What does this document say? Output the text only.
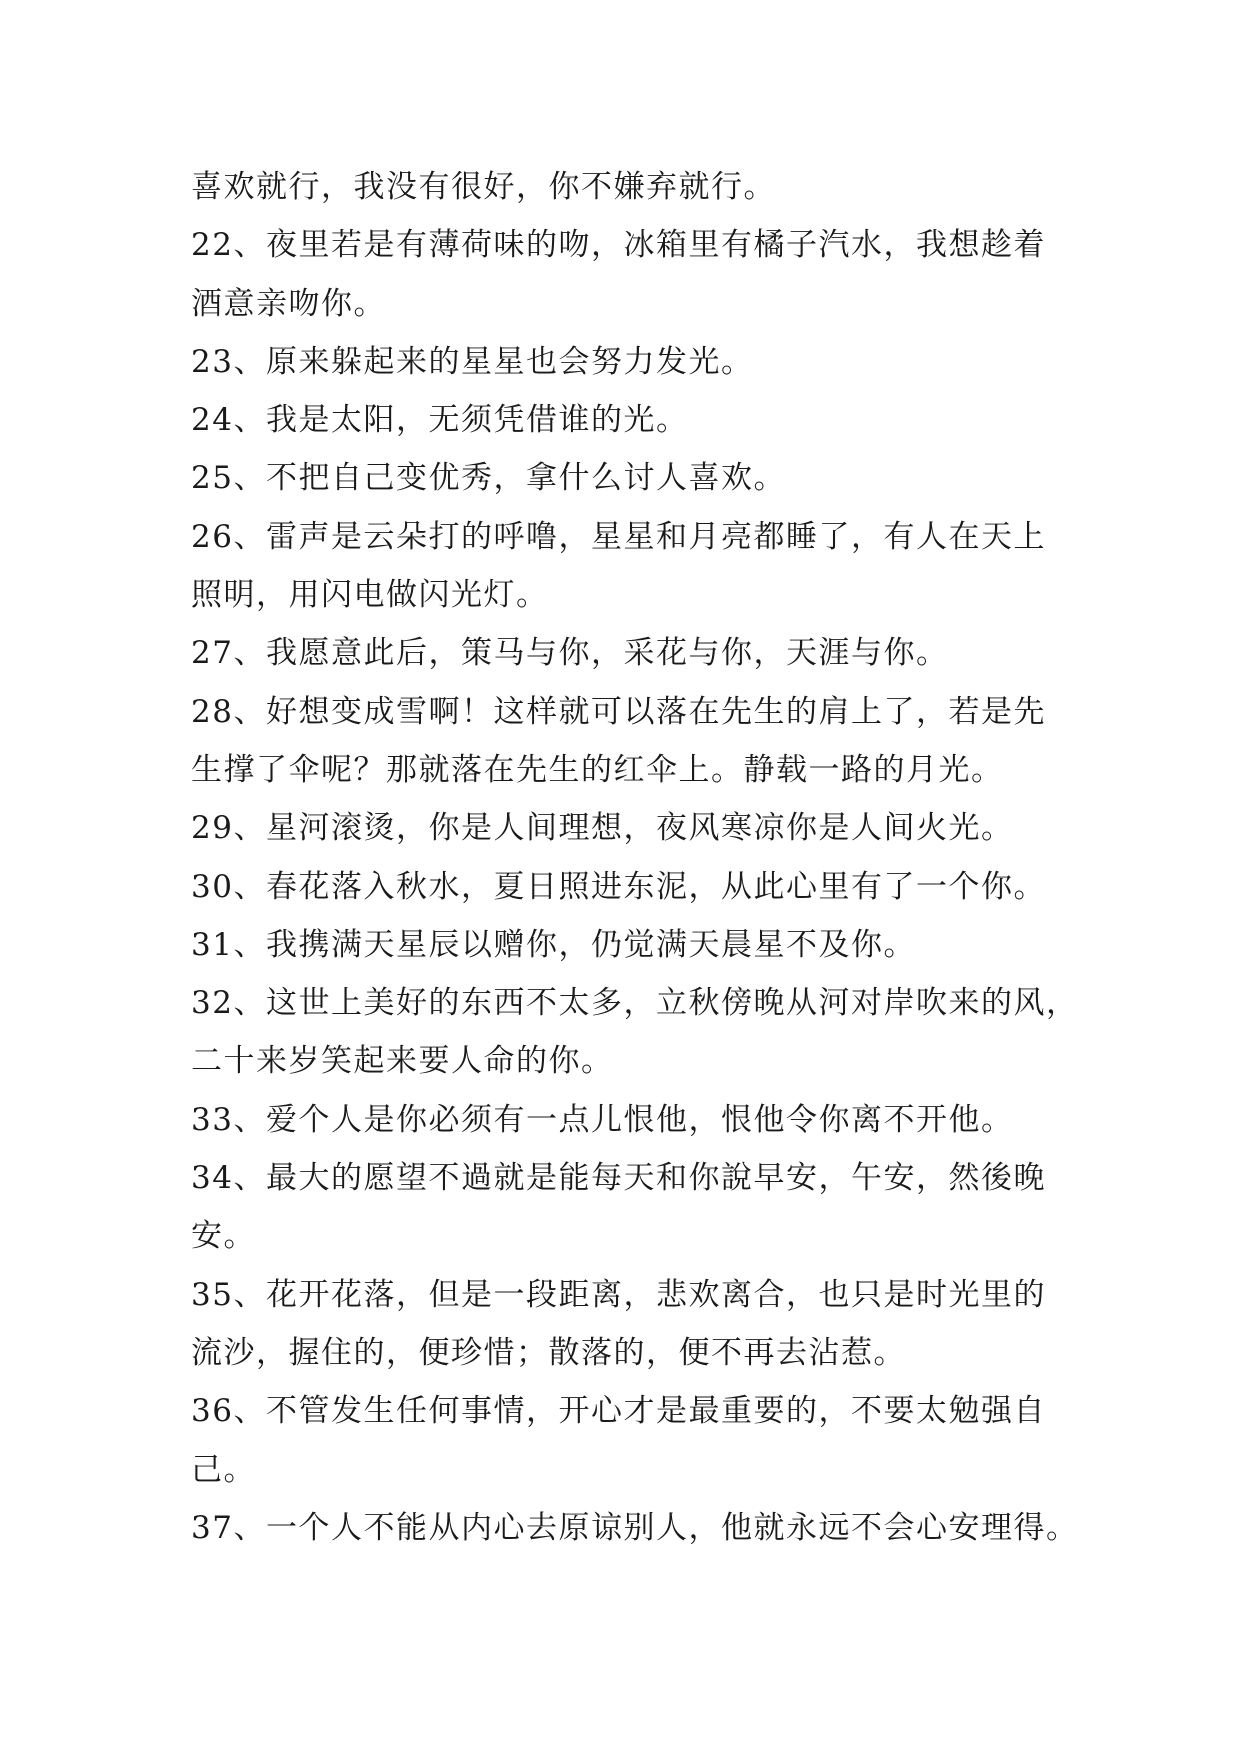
喜欢就行，我没有很好，你不嫌弃就行。
22、夜里若是有薄荷味的吻，冰箱里有橘子汽水，我想趁着
酒意亲吻你。
23、原来躲起来的星星也会努力发光。
24、我是太阳，无须凭借谁的光。
25、不把自己变优秀，拿什么讨人喜欢。
26、雷声是云朵打的呼噜，星星和月亮都睡了，有人在天上
照明，用闪电做闪光灯。
27、我愿意此后，策马与你，采花与你，天涯与你。
28、好想变成雪啊！这样就可以落在先生的肩上了，若是先
生撑了伞呢？那就落在先生的红伞上。静载一路的月光。
29、星河滚烫，你是人间理想，夜风寒凉你是人间火光。
30、春花落入秋水，夏日照进东泥，从此心里有了一个你。
31、我携满天星辰以赠你，仍觉满天晨星不及你。
32、这世上美好的东西不太多，立秋傍晚从河对岸吹来的风，
二十来岁笑起来要人命的你。
33、爱个人是你必须有一点儿恨他，恨他令你离不开他。
34、最大的愿望不過就是能每天和你說早安，午安，然後晚
安。
35、花开花落，但是一段距离，悲欢离合，也只是时光里的
流沙，握住的，便珍惜；散落的，便不再去沾惹。
36、不管发生任何事情，开心才是最重要的，不要太勉强自
己。
37、一个人不能从内心去原谅别人，他就永远不会心安理得。
